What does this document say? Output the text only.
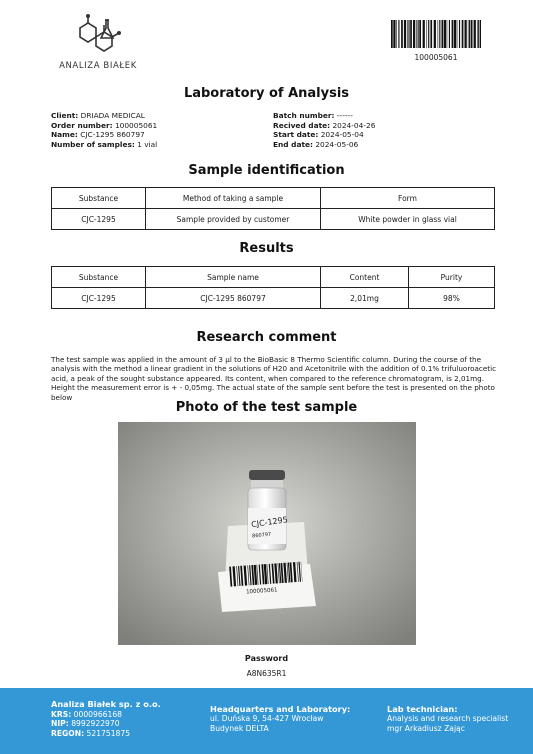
ANALIZA BIAŁEK
100005061
Laboratory of Analysis
Client: DRIADA MEDICAL
Order number: 100005061
Name: CJC-1295 860797
Number of samples: 1 vial
Batch number: ------
Recived date: 2024-04-26
Start date: 2024-05-04
End date: 2024-05-06
Sample identification
Substance	Method of taking a sample	Form
CJC-1295	Sample provided by customer	White powder in glass vial
Results
Substance	Sample name	Content	Purity
CJC-1295	CJC-1295 860797	2,01mg	98%
Research comment
The test sample was applied in the amount of 3 µl to the BioBasic 8 Thermo Scientific column. During the course of the analysis with the method a linear gradient in the solutions of H20 and Acetonitrile with the addition of 0.1% trifuluoroacetic acid, a peak of the sought substance appeared. Its content, when compared to the reference chromatogram, is 2,01mg. Height the measurement error is + - 0,05mg. The actual state of the sample sent before the test is presented on the photo below
Photo of the test sample
CJC-1295
860797
100005061
Password
A8N635R1
Analiza Białek sp. z o.o.
KRS: 0000966168
NIP: 8992922970
REGON: 521751875
Headquarters and Laboratory:
ul. Duńska 9, 54-427 Wrocław
Budynek DELTA
Lab technician:
Analysis and research specialist
mgr Arkadiusz Zając
